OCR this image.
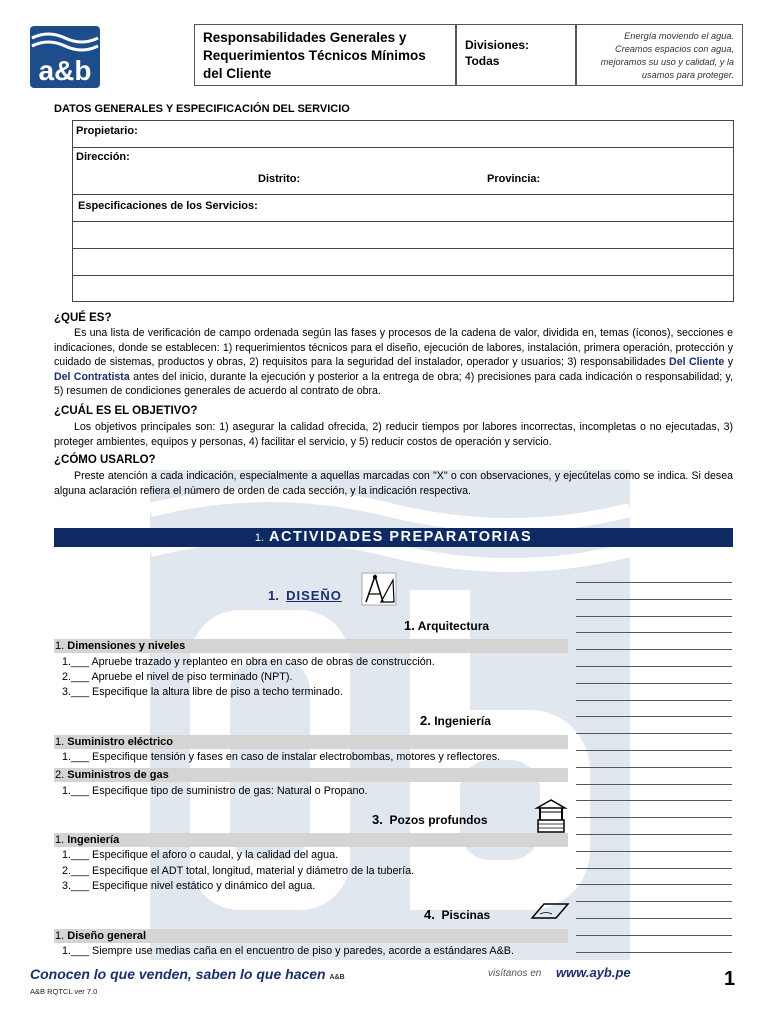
a&b
Responsabilidades Generales y Requerimientos Técnicos Mínimos del Cliente
Divisiones:
Todas
Energía moviendo el agua. Creamos espacios con agua, mejoramos su uso y calidad, y la usamos para proteger.
DATOS GENERALES Y ESPECIFICACIÓN DEL SERVICIO
Propietario:
Dirección:
Distrito:	Provincia:
Especificaciones de los Servicios:
¿QUÉ ES?
Es una lista de verificación de campo ordenada según las fases y procesos de la cadena de valor, dividida en, temas (íconos), secciones e indicaciones, donde se establecen: 1) requerimientos técnicos para el diseño, ejecución de labores, instalación, primera operación, protección y cuidado de sistemas, productos y obras, 2) requisitos para la seguridad del instalador, operador y usuarios; 3) responsabilidades Del Cliente y Del Contratista antes del inicio, durante la ejecución y posterior a la entrega de obra; 4) precisiones para cada indicación o responsabilidad; y, 5) resumen de condiciones generales de acuerdo al contrato de obra.
¿CUÁL ES EL OBJETIVO?
Los objetivos principales son: 1) asegurar la calidad ofrecida, 2) reducir tiempos por labores incorrectas, incompletas o no ejecutadas, 3) proteger ambientes, equipos y personas, 4) facilitar el servicio, y 5) reducir costos de operación y servicio.
¿CÓMO USARLO?
Preste atención a cada indicación, especialmente a aquellas marcadas con "X" o con observaciones, y ejecútelas como se indica. Si desea alguna aclaración refiera el número de orden de cada sección, y la indicación respectiva.
1. ACTIVIDADES PREPARATORIAS
1. DISEÑO
1. Arquitectura
1. Dimensiones y niveles
1.___ Apruebe trazado y replanteo en obra en caso de obras de construcción.
2.___ Apruebe el nivel de piso terminado (NPT).
3.___ Especifique la altura libre de piso a techo terminado.
2. Ingeniería
1. Suministro eléctrico
1.___ Especifique tensión y fases en caso de instalar electrobombas, motores y reflectores.
2. Suministros de gas
1.___ Especifique tipo de suministro de gas: Natural o Propano.
3. Pozos profundos
1. Ingeniería
1.___ Especifique el aforo o caudal, y la calidad del agua.
2.___ Especifique el ADT total, longitud, material y diámetro de la tubería.
3.___ Especifique nivel estático y dinámico del agua.
4. Piscinas
1. Diseño general
1.___ Siempre use medias caña en el encuentro de piso y paredes, acorde a estándares A&B.
Conocen lo que venden, saben lo que hacen A&B
A&B RQTCL ver 7.0
visítanos en www.ayb.pe	1
